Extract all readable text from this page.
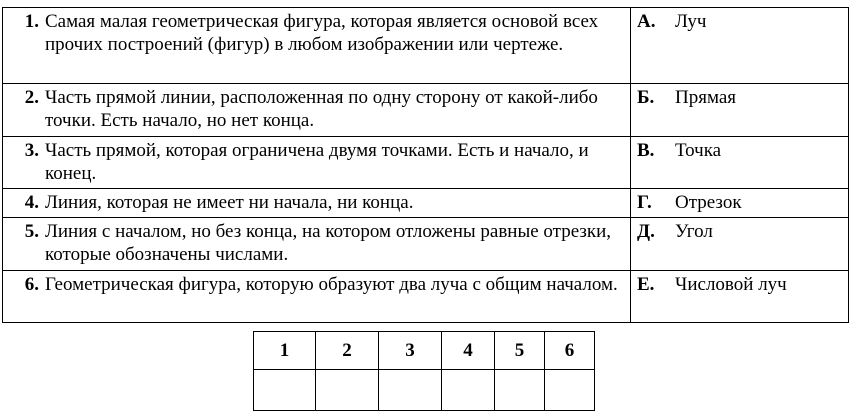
1. Самая малая геометрическая фигура, которая является основой всех прочих построений (фигур) в любом изображении или чертеже.	А. Луч

2. Часть прямой линии, расположенная по одну сторону от какой-либо точки. Есть начало, но нет конца.	Б. Прямая

3. Часть прямой, которая ограничена двумя точками. Есть и начало, и конец.	В. Точка

4. Линия, которая не имеет ни начала, ни конца.	Г. Отрезок

5. Линия с началом, но без конца, на котором отложены равные отрезки, которые обозначены числами.	Д. Угол

6. Геометрическая фигура, которую образуют два луча с общим началом.	Е. Числовой луч
1	2	3	4	5	6
